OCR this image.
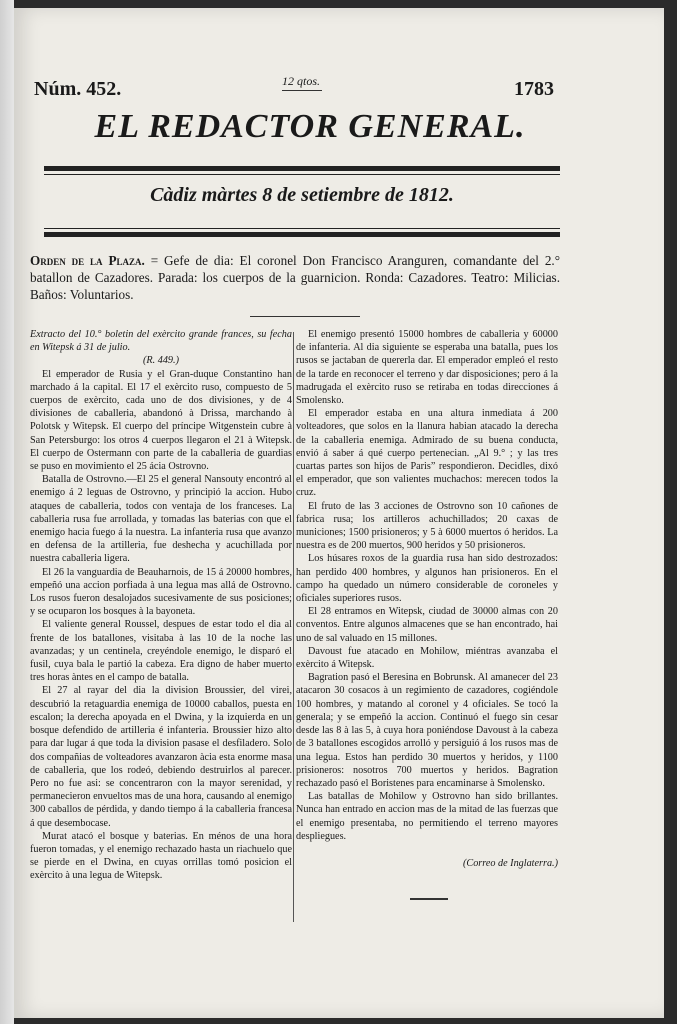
Núm. 452.	12 qtos.	1783
EL REDACTOR GENERAL.
Càdiz màrtes 8 de setiembre de 1812.
Orden de la Plaza. = Gefe de dia: El coronel Don Francisco Aranguren, comandante del 2.° batallon de Cazadores. Parada: los cuerpos de la guarnicion. Ronda: Cazadores. Teatro: Milicias. Baños: Voluntarios.

Extracto del 10.° boletin del exèrcito grande frances, su fecha en Witepsk á 31 de julio.

(R. 449.)

El emperador de Rusia y el Gran-duque Constantino han marchado á la capital. El 17 el exèrcito ruso, compuesto de 5 cuerpos de exèrcito, cada uno de dos divisiones, y de 4 divisiones de caballeria, abandonó à Drissa, marchando à Polotsk y Witepsk. El cuerpo del príncipe Witgenstein cubre à San Petersburgo: los otros 4 cuerpos llegaron el 21 à Witepsk. El cuerpo de Ostermann con parte de la caballeria de guardias se puso en movimiento el 25 ácia Ostrovno.

Batalla de Ostrovno.—El 25 el general Nansouty encontró al enemigo á 2 leguas de Ostrovno, y principió la accion. Hubo ataques de caballeria, todos con ventaja de los franceses. La caballeria rusa fue arrollada, y tomadas las baterias con que el enemigo hacia fuego á la nuestra. La infanteria rusa que avanzo en defensa de la artilleria, fue deshecha y acuchillada por nuestra caballeria ligera.

El 26 la vanguardia de Beauharnois, de 15 á 20000 hombres, empeñó una accion porfiada à una legua mas allá de Ostrovno. Los rusos fueron desalojados sucesivamente de sus posiciones; y se ocuparon los bosques à la bayoneta.

El valiente general Roussel, despues de estar todo el dia al frente de los batallones, visitaba à las 10 de la noche las avanzadas; y un centinela, creyéndole enemigo, le disparó el fusil, cuya bala le partió la cabeza. Era digno de haber muerto tres horas àntes en el campo de batalla.

El 27 al rayar del dia la division Broussier, del virei, descubrió la retaguardia enemiga de 10000 caballos, puesta en escalon; la derecha apoyada en el Dwina, y la izquierda en un bosque defendido de artilleria é infanteria. Broussier hizo alto para dar lugar á que toda la division pasase el desfiladero. Solo dos compañias de volteadores avanzaron àcia esta enorme masa de caballeria, que los rodeó, debiendo destruirlos al parecer. Pero no fue asi: se concentraron con la mayor serenidad, y permanecieron envueltos mas de una hora, causando al enemigo 300 caballos de pérdida, y dando tiempo á la caballeria francesa á que desembocase.

Murat atacó el bosque y baterias. En ménos de una hora fueron tomadas, y el enemigo rechazado hasta un riachuelo que se pierde en el Dwina, en cuyas orrillas tomó posicion el exèrcito à una legua de Witepsk.

El enemigo presentó 15000 hombres de caballeria y 60000 de infanteria. Al dia siguiente se esperaba una batalla, pues los rusos se jactaban de quererla dar. El emperador empleó el resto de la tarde en reconocer el terreno y dar disposiciones; pero á la madrugada el exèrcito ruso se retiraba en todas direcciones á Smolensko.

El emperador estaba en una altura inmediata á 200 volteadores, que solos en la llanura habian atacado la derecha de la caballeria enemiga. Admirado de su buena conducta, envió á saber á qué cuerpo pertenecian. „Al 9.° ; y las tres cuartas partes son hijos de Paris” respondieron. Decidles, dixó el emperador, que son valientes muchachos: merecen todos la cruz.

El fruto de las 3 acciones de Ostrovno son 10 cañones de fabrica rusa; los artilleros achuchillados; 20 caxas de municiones; 1500 prisioneros; y 5 à 6000 muertos ó heridos. La nuestra es de 200 muertos, 900 heridos y 50 prisioneros.

Los húsares roxos de la guardia rusa han sido destrozados: han perdido 400 hombres, y algunos han prisioneros. En el campo ha quedado un número considerable de coroneles y oficiales superiores rusos.

El 28 entramos en Witepsk, ciudad de 30000 almas con 20 conventos. Entre algunos almacenes que se han encontrado, hai uno de sal valuado en 15 millones.

Davoust fue atacado en Mohilow, miéntras avanzaba el exèrcito á Witepsk.

Bagration pasó el Beresina en Bobrunsk. Al amanecer del 23 atacaron 30 cosacos à un regimiento de cazadores, cogiéndole 100 hombres, y matando al coronel y 4 oficiales. Se tocó la generala; y se empeñó la accion. Continuó el fuego sin cesar desde las 8 à las 5, à cuya hora poniéndose Davoust à la cabeza de 3 batallones escogidos arrolló y persiguió á los rusos mas de una legua. Estos han perdido 30 muertos y heridos, y 1100 prisioneros: nosotros 700 muertos y heridos. Bagration rechazado pasó el Boristenes para encaminarse à Smolensko.

Las batallas de Mohilow y Ostrovno han sido brillantes. Nunca han entrado en accion mas de la mitad de las fuerzas que el enemigo presentaba, no permitiendo el terreno mayores despliegues.

(Correo de Inglaterra.)
